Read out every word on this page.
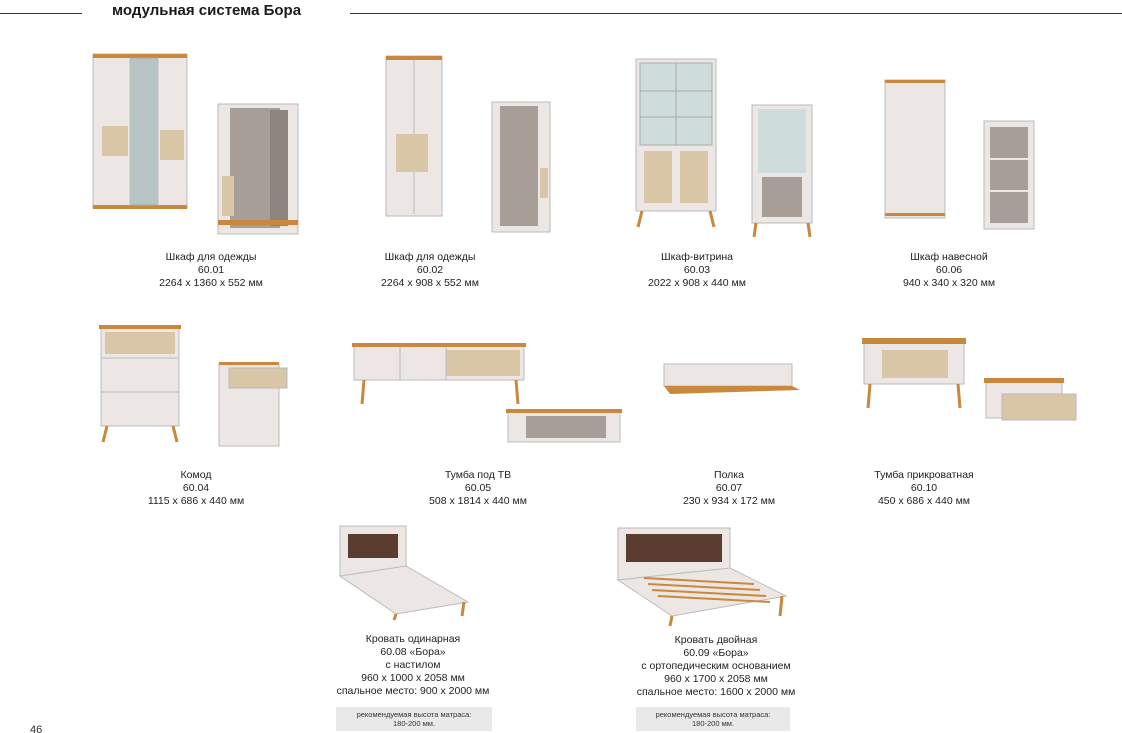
модульная система Бора
Шкаф для одежды
60.01
2264 x 1360 x 552 мм
Шкаф для одежды
60.02
2264 x 908 x 552 мм
Шкаф-витрина
60.03
2022 x 908 x 440 мм
Шкаф навесной
60.06
940 x 340 x 320 мм
Комод
60.04
1115 x 686 x 440 мм
Тумба под ТВ
60.05
508 x 1814 x 440 мм
Полка
60.07
230 x 934 x 172 мм
Тумба прикроватная
60.10
450 x 686 x 440 мм
Кровать одинарная
60.08 «Бора»
с настилом
960 x 1000 x 2058 мм
спальное место: 900 x 2000 мм
Кровать двойная
60.09 «Бора»
с ортопедическим основанием
960 x 1700 x 2058 мм
спальное место: 1600 x 2000 мм
рекомендуемая высота матраса:
180-200 мм.
рекомендуемая высота матраса:
180-200 мм.
46
